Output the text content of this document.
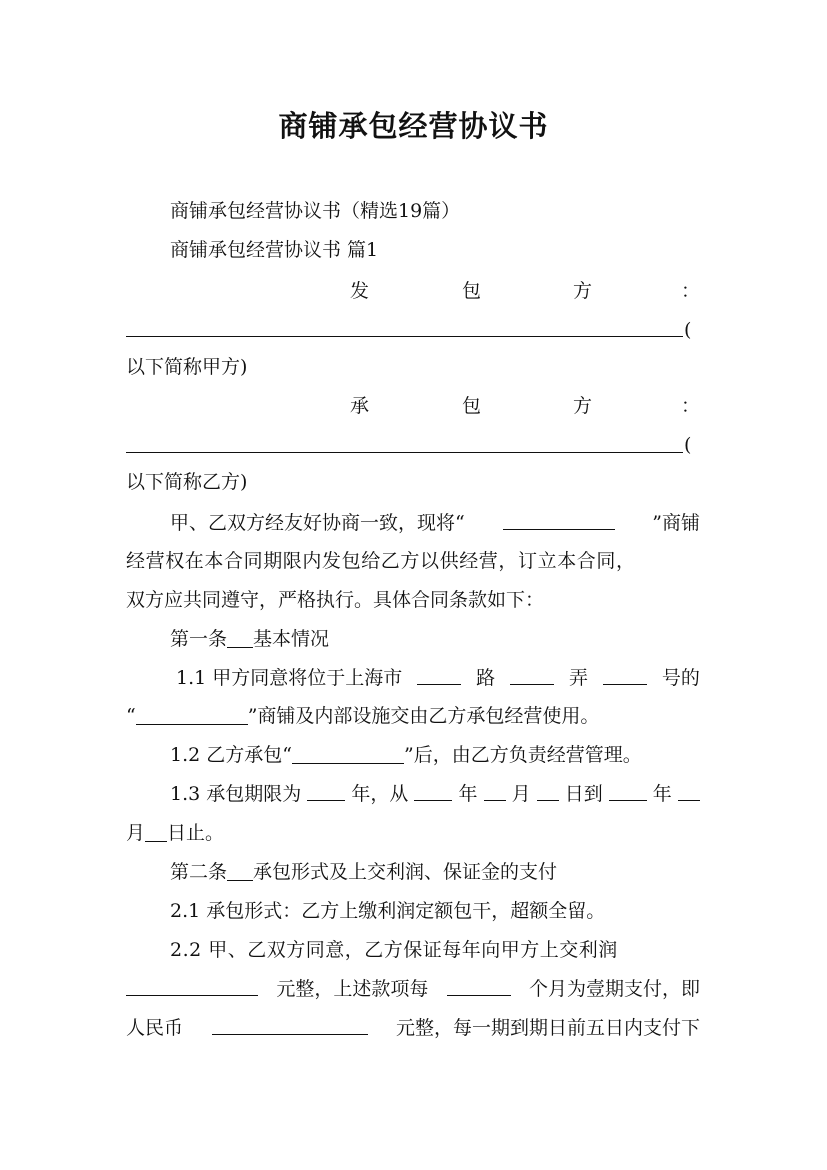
商铺承包经营协议书
商铺承包经营协议书（精选19篇）
商铺承包经营协议书 篇1
发	包	方	：
(
以下简称甲方)
承	包	方	：
(
以下简称乙方)
甲、乙双方经友好协商一致，现将“	”商铺
经营权在本合同期限内发包给乙方以供经营，订立本合同，
双方应共同遵守，严格执行。具体合同条款如下：
第一条 基本情况
1.1 甲方同意将位于上海市	路	弄	号的
“	”商铺及内部设施交由乙方承包经营使用。
1.2 乙方承包“	”后，由乙方负责经营管理。
1.3 承包期限为	年，从	年 月 日到	年
月 日止。
第二条 承包形式及上交利润、保证金的支付
2.1 承包形式：乙方上缴利润定额包干，超额全留。
2.2 甲、乙双方同意，乙方保证每年向甲方上交利润
元整，上述款项每	个月为壹期支付，即
人民币	元整，每一期到期日前五日内支付下
